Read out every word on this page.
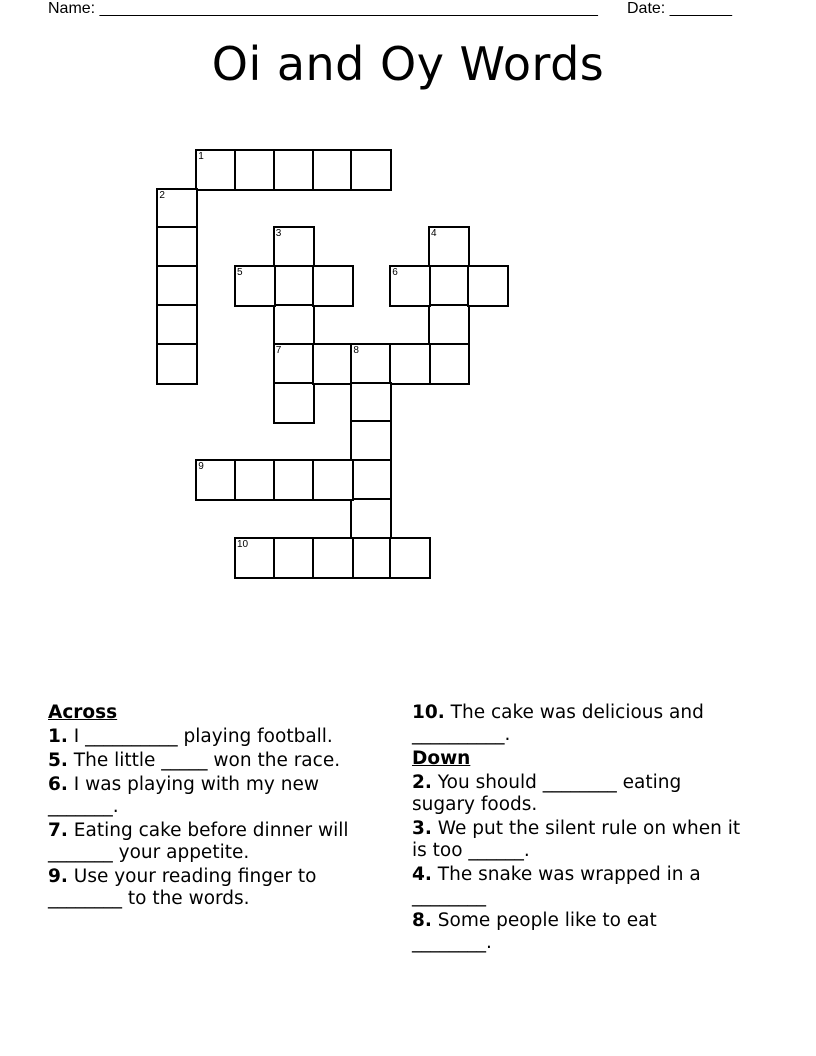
Name: ________________________________________________________ Date: _______
Oi and Oy Words
1
2
3
7
4
5	6
8
9
10
Across
1. I __________ playing football.
5. The little _____ won the race.
6. I was playing with my new _______.
7. Eating cake before dinner will _______ your appetite.
9. Use your reading finger to ________ to the words.
10. The cake was delicious and __________.
Down
2. You should ________ eating sugary foods.
3. We put the silent rule on when it is too ______.
4. The snake was wrapped in a ________
8. Some people like to eat ________.
